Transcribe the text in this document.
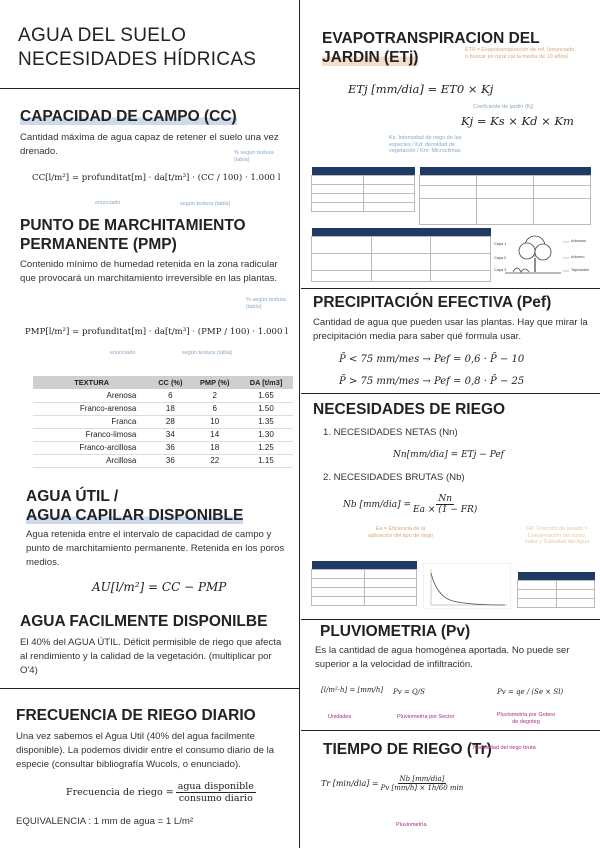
AGUA DEL SUELO
NECESIDADES HÍDRICAS
CAPACIDAD DE CAMPO (CC)
Cantidad máxima de agua capaz de retener el suelo una vez drenado.
CC[l/m²] = profunditat[m] · da[t/m³] · (CC / 100) · 1.000 l
% según textura (tabla)
enunciado	según textura (tabla)
PUNTO DE MARCHITAMIENTO
PERMANENTE (PMP)
Contenido mínimo de humedad retenida en la zona radicular que provocará un marchitamiento irreversible en las plantas.
PMP[l/m²] = profunditat[m] · da[t/m³] · (PMP / 100) · 1.000 l
% según textura (tabla)
enunciado	según textura (tabla)
TEXTURA	CC (%)	PMP (%)	DA [t/m3]
Arenosa	6	2	1.65
Franco-arenosa	18	6	1.50
Franca	28	10	1.35
Franco-limosa	34	14	1.30
Franco-arcillosa	36	18	1.25
Arcillosa	36	22	1.15
AGUA ÚTIL /
AGUA CAPILAR DISPONIBLE
Agua retenida entre el intervalo de capacidad de campo y punto de marchitamiento permanente. Retenida en los poros medios.
AU[l/m²] = CC − PMP
AGUA FACILMENTE DISPONILBE
El 40% del AGUA ÚTIL. Déficit permisible de riego que afecta al rendimiento y la calidad de la vegetación. (multiplicar por O'4)
FRECUENCIA DE RIEGO DIARIO
Una vez sabemos el Agua Util (40% del agua facilmente disponible). La podemos dividir entre el consumo diario de la especie (consultar bibliografía Wucols, o enunciado).
Frecuencia de riego = $\frac{\text{agua disponible}}{\text{consumo diario}}$
EQUIVALENCIA : 1 mm de agua = 1 L/m²
EVAPOTRANSPIRACION DEL
JARDIN (ETj)	ET0 = Evapotranspiración de ref. (enunciado, o buscar en rural cat la media de 10 años)
ETj [mm/dia] = ET0 × Kj
Coeficiente de jardín (Kj)
Kj = Ks × Kd × Km
Ks: Intensidad de riego de las especies / Kd: densidad de vegetación / Km: Microclimas

Arbustos
Arbóreo
Tapizantes
Capa 1
Capa 2
Capa 3
PRECIPITACIÓN EFECTIVA (Pef)
Cantidad de agua que pueden usar las plantas. Hay que mirar la precipitación media para saber qué formula usar.
P̄ < 75 mm/mes → Pef = 0,6 · P̄ − 10
P̄ > 75 mm/mes → Pef = 0,8 · P̄ − 25
NECESIDADES DE RIEGO
1. NECESIDADES NETAS (Nn)
Nn[mm/dia] = ETj − Pef
2. NECESIDADES BRUTAS (Nb)
Nb $[mm/dia] = \frac{Nn}{Ea \times (1 - FR)}$
Ea = Eficiencia de la aplicación del tipo de riego
FR: Fracción de lavado = Conservación del suelo, sales y Salinidad del Agua

PLUVIOMETRIA (Pv)
Es la cantidad de agua homogénea aportada. No puede ser superior a la velocidad de infiltración.
[l/m²·h] = [mm/h] Pv = Q/S	Pv = qe / (Se × Sl)
Unidades	Pluviometría por Sector	Pluviometría por Gotero de degoteg
TIEMPO DE RIEGO (Tr)
Necesidad del riego bruta
Tr $[\min/dia] = \frac{\text{Nb [mm/dia]}}{Pv [mm/h] \times 1h/60 \min}$
Pluviometría
